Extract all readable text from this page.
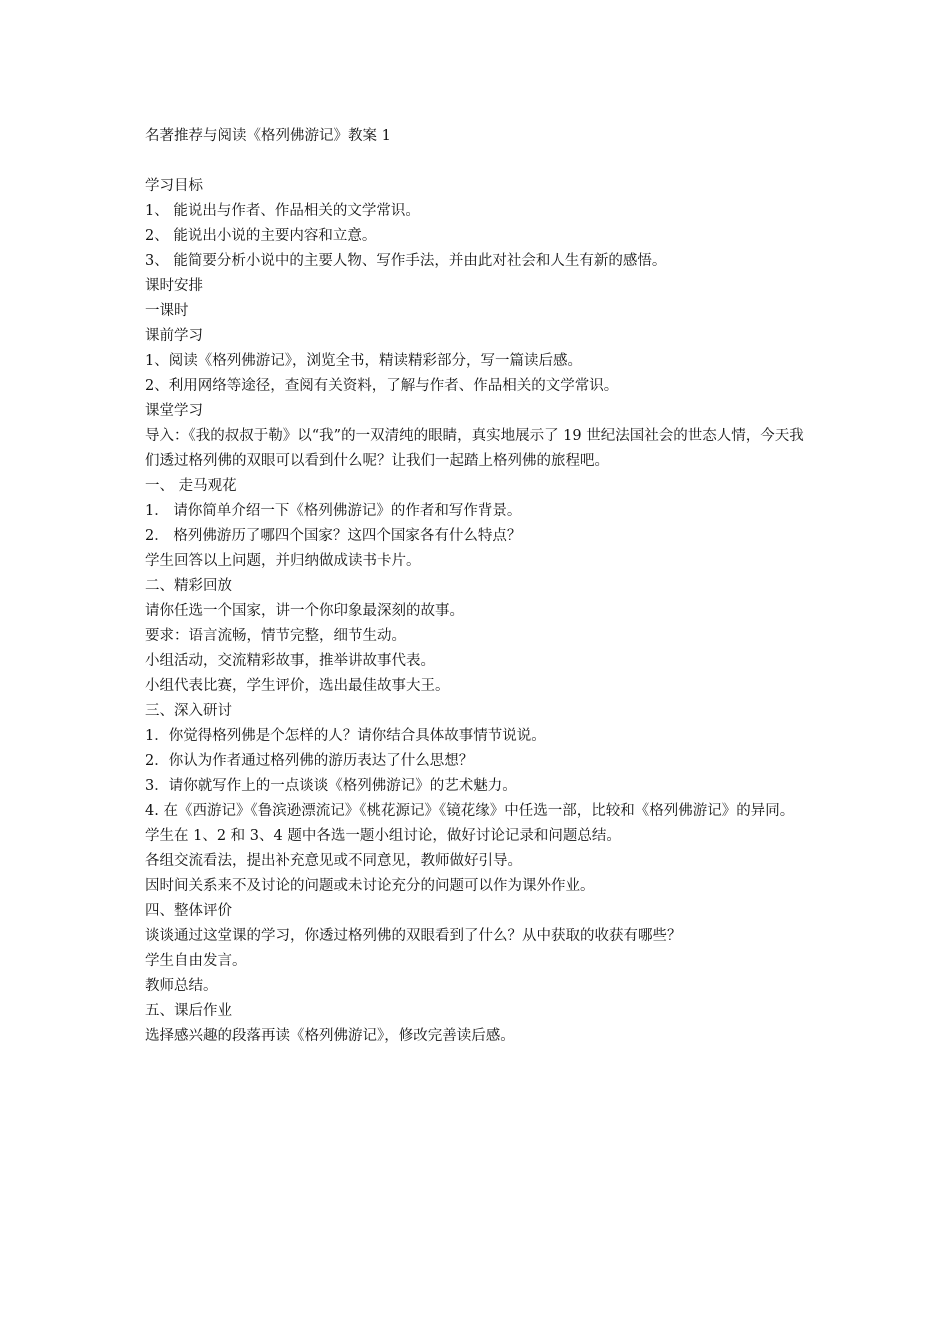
名著推荐与阅读《格列佛游记》教案 1

学习目标

1、 能说出与作者、作品相关的文学常识。

2、 能说出小说的主要内容和立意。

3、 能简要分析小说中的主要人物、写作手法，并由此对社会和人生有新的感悟。

课时安排

一课时

课前学习

1、阅读《格列佛游记》，浏览全书，精读精彩部分，写一篇读后感。

2、利用网络等途径，查阅有关资料，了解与作者、作品相关的文学常识。

课堂学习

导入：《我的叔叔于勒》以“我”的一双清纯的眼睛，真实地展示了 19 世纪法国社会的世态人情，今天我们透过格列佛的双眼可以看到什么呢？让我们一起踏上格列佛的旅程吧。

一、 走马观花

1． 请你简单介绍一下《格列佛游记》的作者和写作背景。

2． 格列佛游历了哪四个国家？这四个国家各有什么特点？

学生回答以上问题，并归纳做成读书卡片。

二、精彩回放

请你任选一个国家，讲一个你印象最深刻的故事。

要求：语言流畅，情节完整，细节生动。

小组活动，交流精彩故事，推举讲故事代表。

小组代表比赛，学生评价，选出最佳故事大王。

三、深入研讨

1．你觉得格列佛是个怎样的人？请你结合具体故事情节说说。

2．你认为作者通过格列佛的游历表达了什么思想？

3．请你就写作上的一点谈谈《格列佛游记》的艺术魅力。

4. 在《西游记》《鲁滨逊漂流记》《桃花源记》《镜花缘》中任选一部，比较和《格列佛游记》的异同。

学生在 1、2 和 3、4 题中各选一题小组讨论，做好讨论记录和问题总结。

各组交流看法，提出补充意见或不同意见，教师做好引导。

因时间关系来不及讨论的问题或未讨论充分的问题可以作为课外作业。

四、整体评价

谈谈通过这堂课的学习，你透过格列佛的双眼看到了什么？从中获取的收获有哪些？

学生自由发言。

教师总结。

五、课后作业

选择感兴趣的段落再读《格列佛游记》，修改完善读后感。
